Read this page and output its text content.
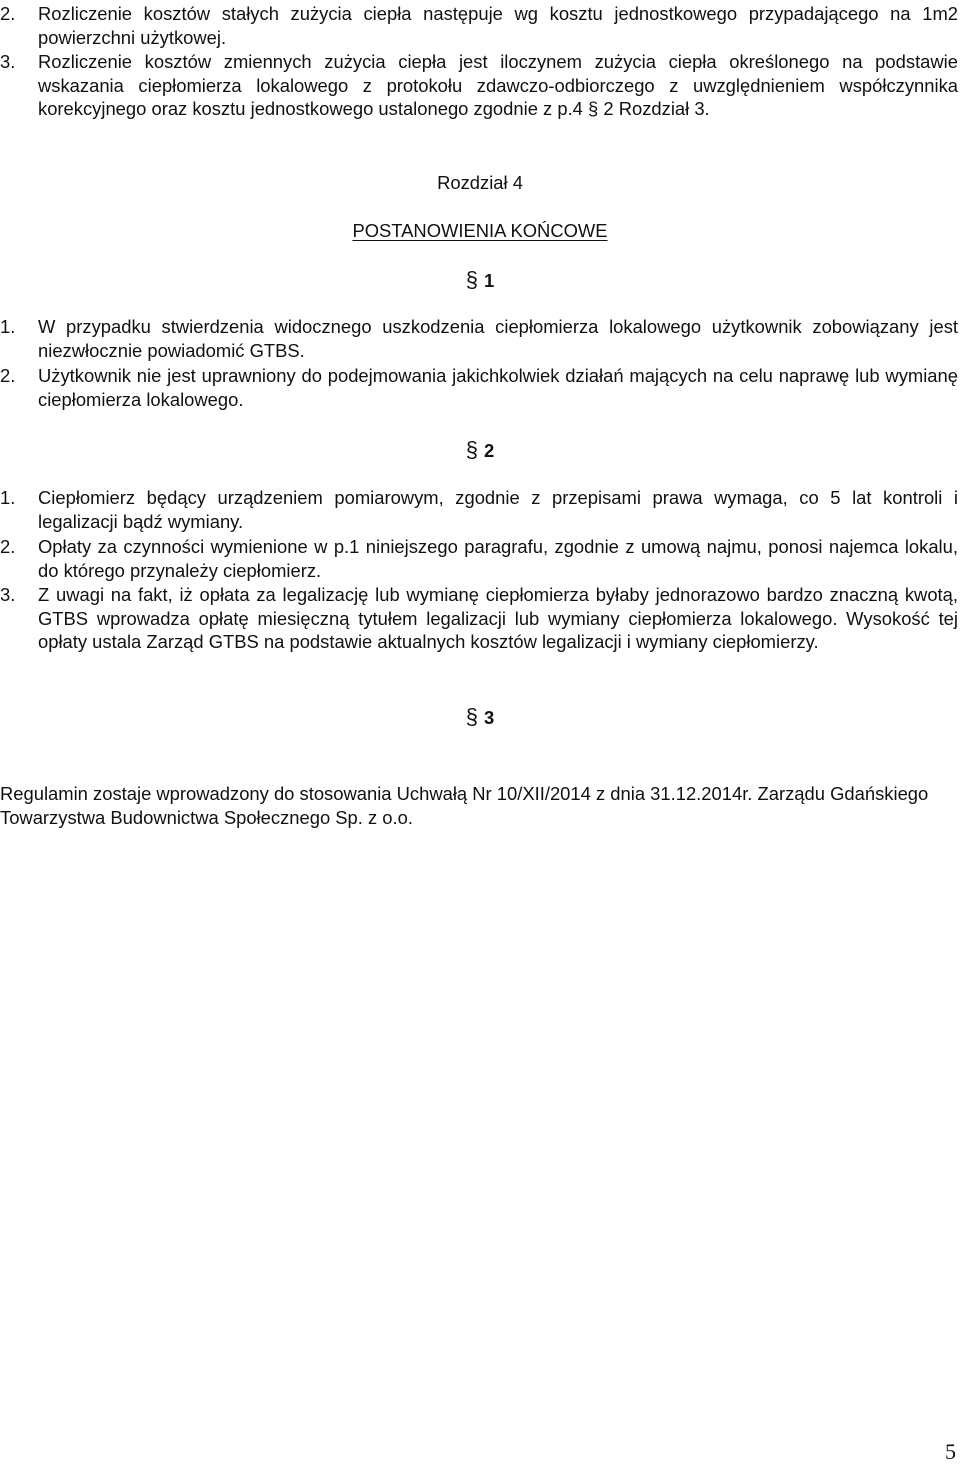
2.	Rozliczenie kosztów stałych zużycia ciepła następuje wg kosztu jednostkowego przypadającego na 1m2 powierzchni użytkowej.
3.	Rozliczenie kosztów zmiennych zużycia ciepła jest iloczynem zużycia ciepła określonego na podstawie wskazania ciepłomierza lokalowego z protokołu zdawczo-odbiorczego z uwzględnieniem współczynnika korekcyjnego oraz kosztu jednostkowego ustalonego zgodnie z p.4 § 2 Rozdział 3.
Rozdział 4
POSTANOWIENIA KOŃCOWE
§ 1
1.	W przypadku stwierdzenia widocznego uszkodzenia ciepłomierza lokalowego użytkownik zobowiązany jest niezwłocznie powiadomić GTBS.
2.	Użytkownik nie jest uprawniony do podejmowania jakichkolwiek działań mających na celu naprawę lub wymianę ciepłomierza lokalowego.
§ 2
1.	Ciepłomierz będący urządzeniem pomiarowym, zgodnie z przepisami prawa wymaga, co 5 lat kontroli i legalizacji bądź wymiany.
2.	Opłaty za czynności wymienione w p.1 niniejszego paragrafu, zgodnie z umową najmu, ponosi najemca lokalu, do którego przynależy ciepłomierz.
3.	Z uwagi na fakt, iż opłata za legalizację lub wymianę ciepłomierza byłaby jednorazowo bardzo znaczną kwotą, GTBS wprowadza opłatę miesięczną tytułem legalizacji lub wymiany ciepłomierza lokalowego. Wysokość tej opłaty ustala Zarząd GTBS na podstawie aktualnych kosztów legalizacji i wymiany ciepłomierzy.
§ 3
Regulamin zostaje wprowadzony do stosowania Uchwałą Nr 10/XII/2014 z dnia 31.12.2014r. Zarządu Gdańskiego Towarzystwa Budownictwa Społecznego Sp. z o.o.
5
